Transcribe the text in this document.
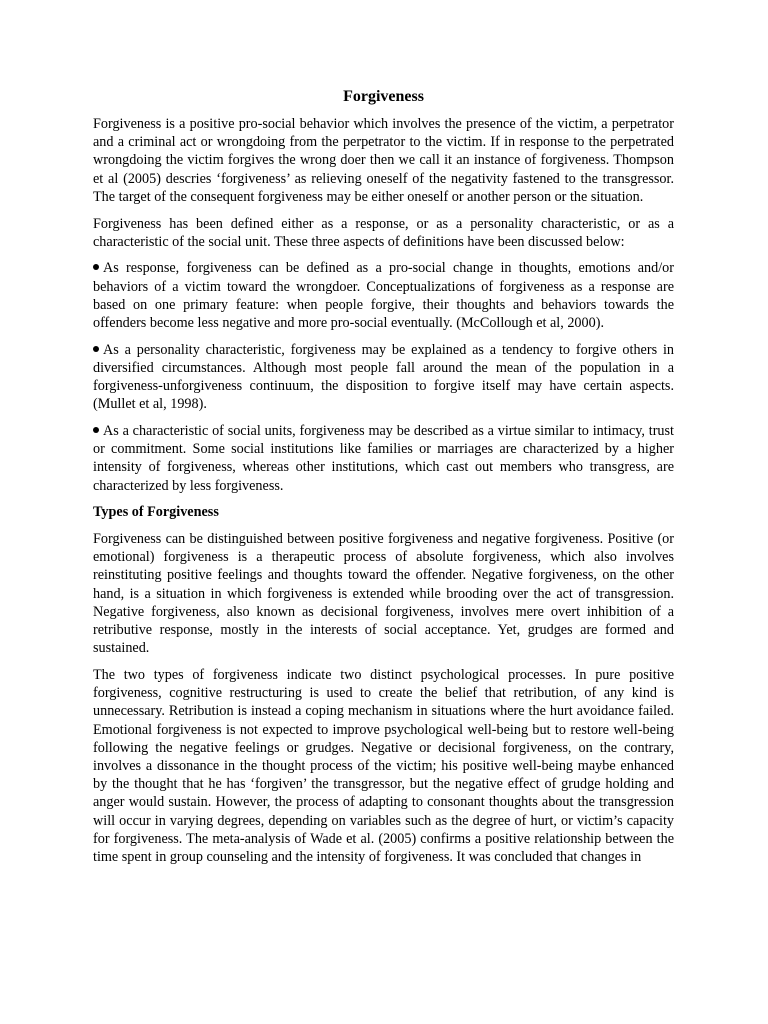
Forgiveness

Forgiveness is a positive pro-social behavior which involves the presence of the victim, a perpetrator and a criminal act or wrongdoing from the perpetrator to the victim. If in response to the perpetrated wrongdoing the victim forgives the wrong doer then we call it an instance of forgiveness. Thompson et al (2005) descries ‘forgiveness’ as relieving oneself of the negativity fastened to the transgressor. The target of the consequent forgiveness may be either oneself or another person or the situation.

Forgiveness has been defined either as a response, or as a personality characteristic, or as a characteristic of the social unit. These three aspects of definitions have been discussed below:

As response, forgiveness can be defined as a pro-social change in thoughts, emotions and/or behaviors of a victim toward the wrongdoer. Conceptualizations of forgiveness as a response are based on one primary feature: when people forgive, their thoughts and behaviors towards the offenders become less negative and more pro-social eventually. (McCollough et al, 2000).

As a personality characteristic, forgiveness may be explained as a tendency to forgive others in diversified circumstances. Although most people fall around the mean of the population in a forgiveness-unforgiveness continuum, the disposition to forgive itself may have certain aspects. (Mullet et al, 1998).

As a characteristic of social units, forgiveness may be described as a virtue similar to intimacy, trust or commitment. Some social institutions like families or marriages are characterized by a higher intensity of forgiveness, whereas other institutions, which cast out members who transgress, are characterized by less forgiveness.

Types of Forgiveness

Forgiveness can be distinguished between positive forgiveness and negative forgiveness. Positive (or emotional) forgiveness is a therapeutic process of absolute forgiveness, which also involves reinstituting positive feelings and thoughts toward the offender. Negative forgiveness, on the other hand, is a situation in which forgiveness is extended while brooding over the act of transgression. Negative forgiveness, also known as decisional forgiveness, involves mere overt inhibition of a retributive response, mostly in the interests of social acceptance. Yet, grudges are formed and sustained.

The two types of forgiveness indicate two distinct psychological processes. In pure positive forgiveness, cognitive restructuring is used to create the belief that retribution, of any kind is unnecessary. Retribution is instead a coping mechanism in situations where the hurt avoidance failed. Emotional forgiveness is not expected to improve psychological well-being but to restore well-being following the negative feelings or grudges. Negative or decisional forgiveness, on the contrary, involves a dissonance in the thought process of the victim; his positive well-being maybe enhanced by the thought that he has ‘forgiven’ the transgressor, but the negative effect of grudge holding and anger would sustain. However, the process of adapting to consonant thoughts about the transgression will occur in varying degrees, depending on variables such as the degree of hurt, or victim’s capacity for forgiveness. The meta-analysis of Wade et al. (2005) confirms a positive relationship between the time spent in group counseling and the intensity of forgiveness. It was concluded that changes in
